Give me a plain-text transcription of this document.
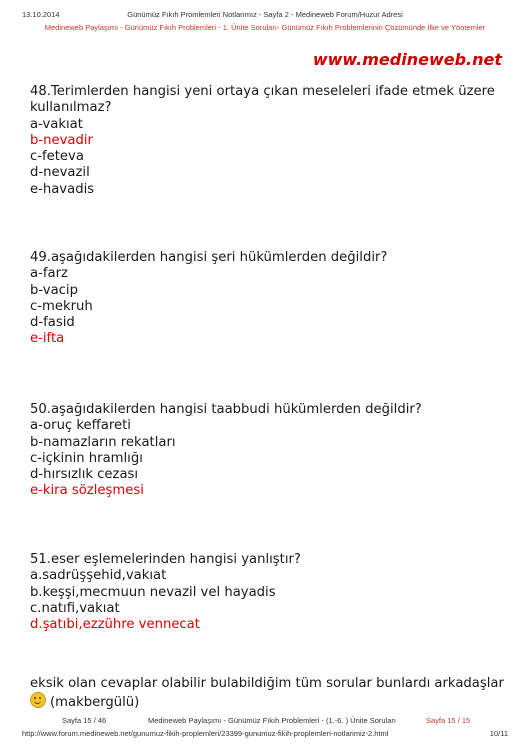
13.10.2014	Günümüz Fıkıh Promlemleri Notlarımız - Sayfa 2 - Medineweb Forum/Huzur Adresi
Medineweb Paylaşımı - Günümüz Fıkıh Problemleri - 1. Ünite Soruları- Günümüz Fıkıh Problemlerinin Çözümünde İlke ve Yöntemler
www.medineweb.net
48.Terimlerden hangisi yeni ortaya çıkan meseleleri ifade etmek üzere kullanılmaz?
a-vakıat
b-nevadir
c-feteva
d-nevazil
e-havadis
49.aşağıdakilerden hangisi şeri hükümlerden değildir?
a-farz
b-vacip
c-mekruh
d-fasid
e-ifta
50.aşağıdakilerden hangisi taabbudi hükümlerden değildir?
a-oruç keffareti
b-namazların rekatları
c-içkinin hramlığı
d-hırsızlık cezası
e-kira sözleşmesi
51.eser eşlemelerinden hangisi yanlıştır?
a.sadrüşşehid,vakıat
b.keşşi,mecmuun nevazil vel hayadis
c.natıfi,vakıat
d.şatıbi,ezzühre vennecat
eksik olan cevaplar olabilir bulabildiğim tüm sorular bunlardı arkadaşlar
(makbergülü)
Sayfa 15 / 46	Medineweb Paylaşımı - Günümüz Fıkıh Problemleri - (1.-6. ) Ünite Soruları	Sayfa 15 / 15
http://www.forum.medineweb.net/gunumuz-fikih-proplemleri/23399-gunumuz-fikih-proplemleri-notlarimiz-2.html	10/11
